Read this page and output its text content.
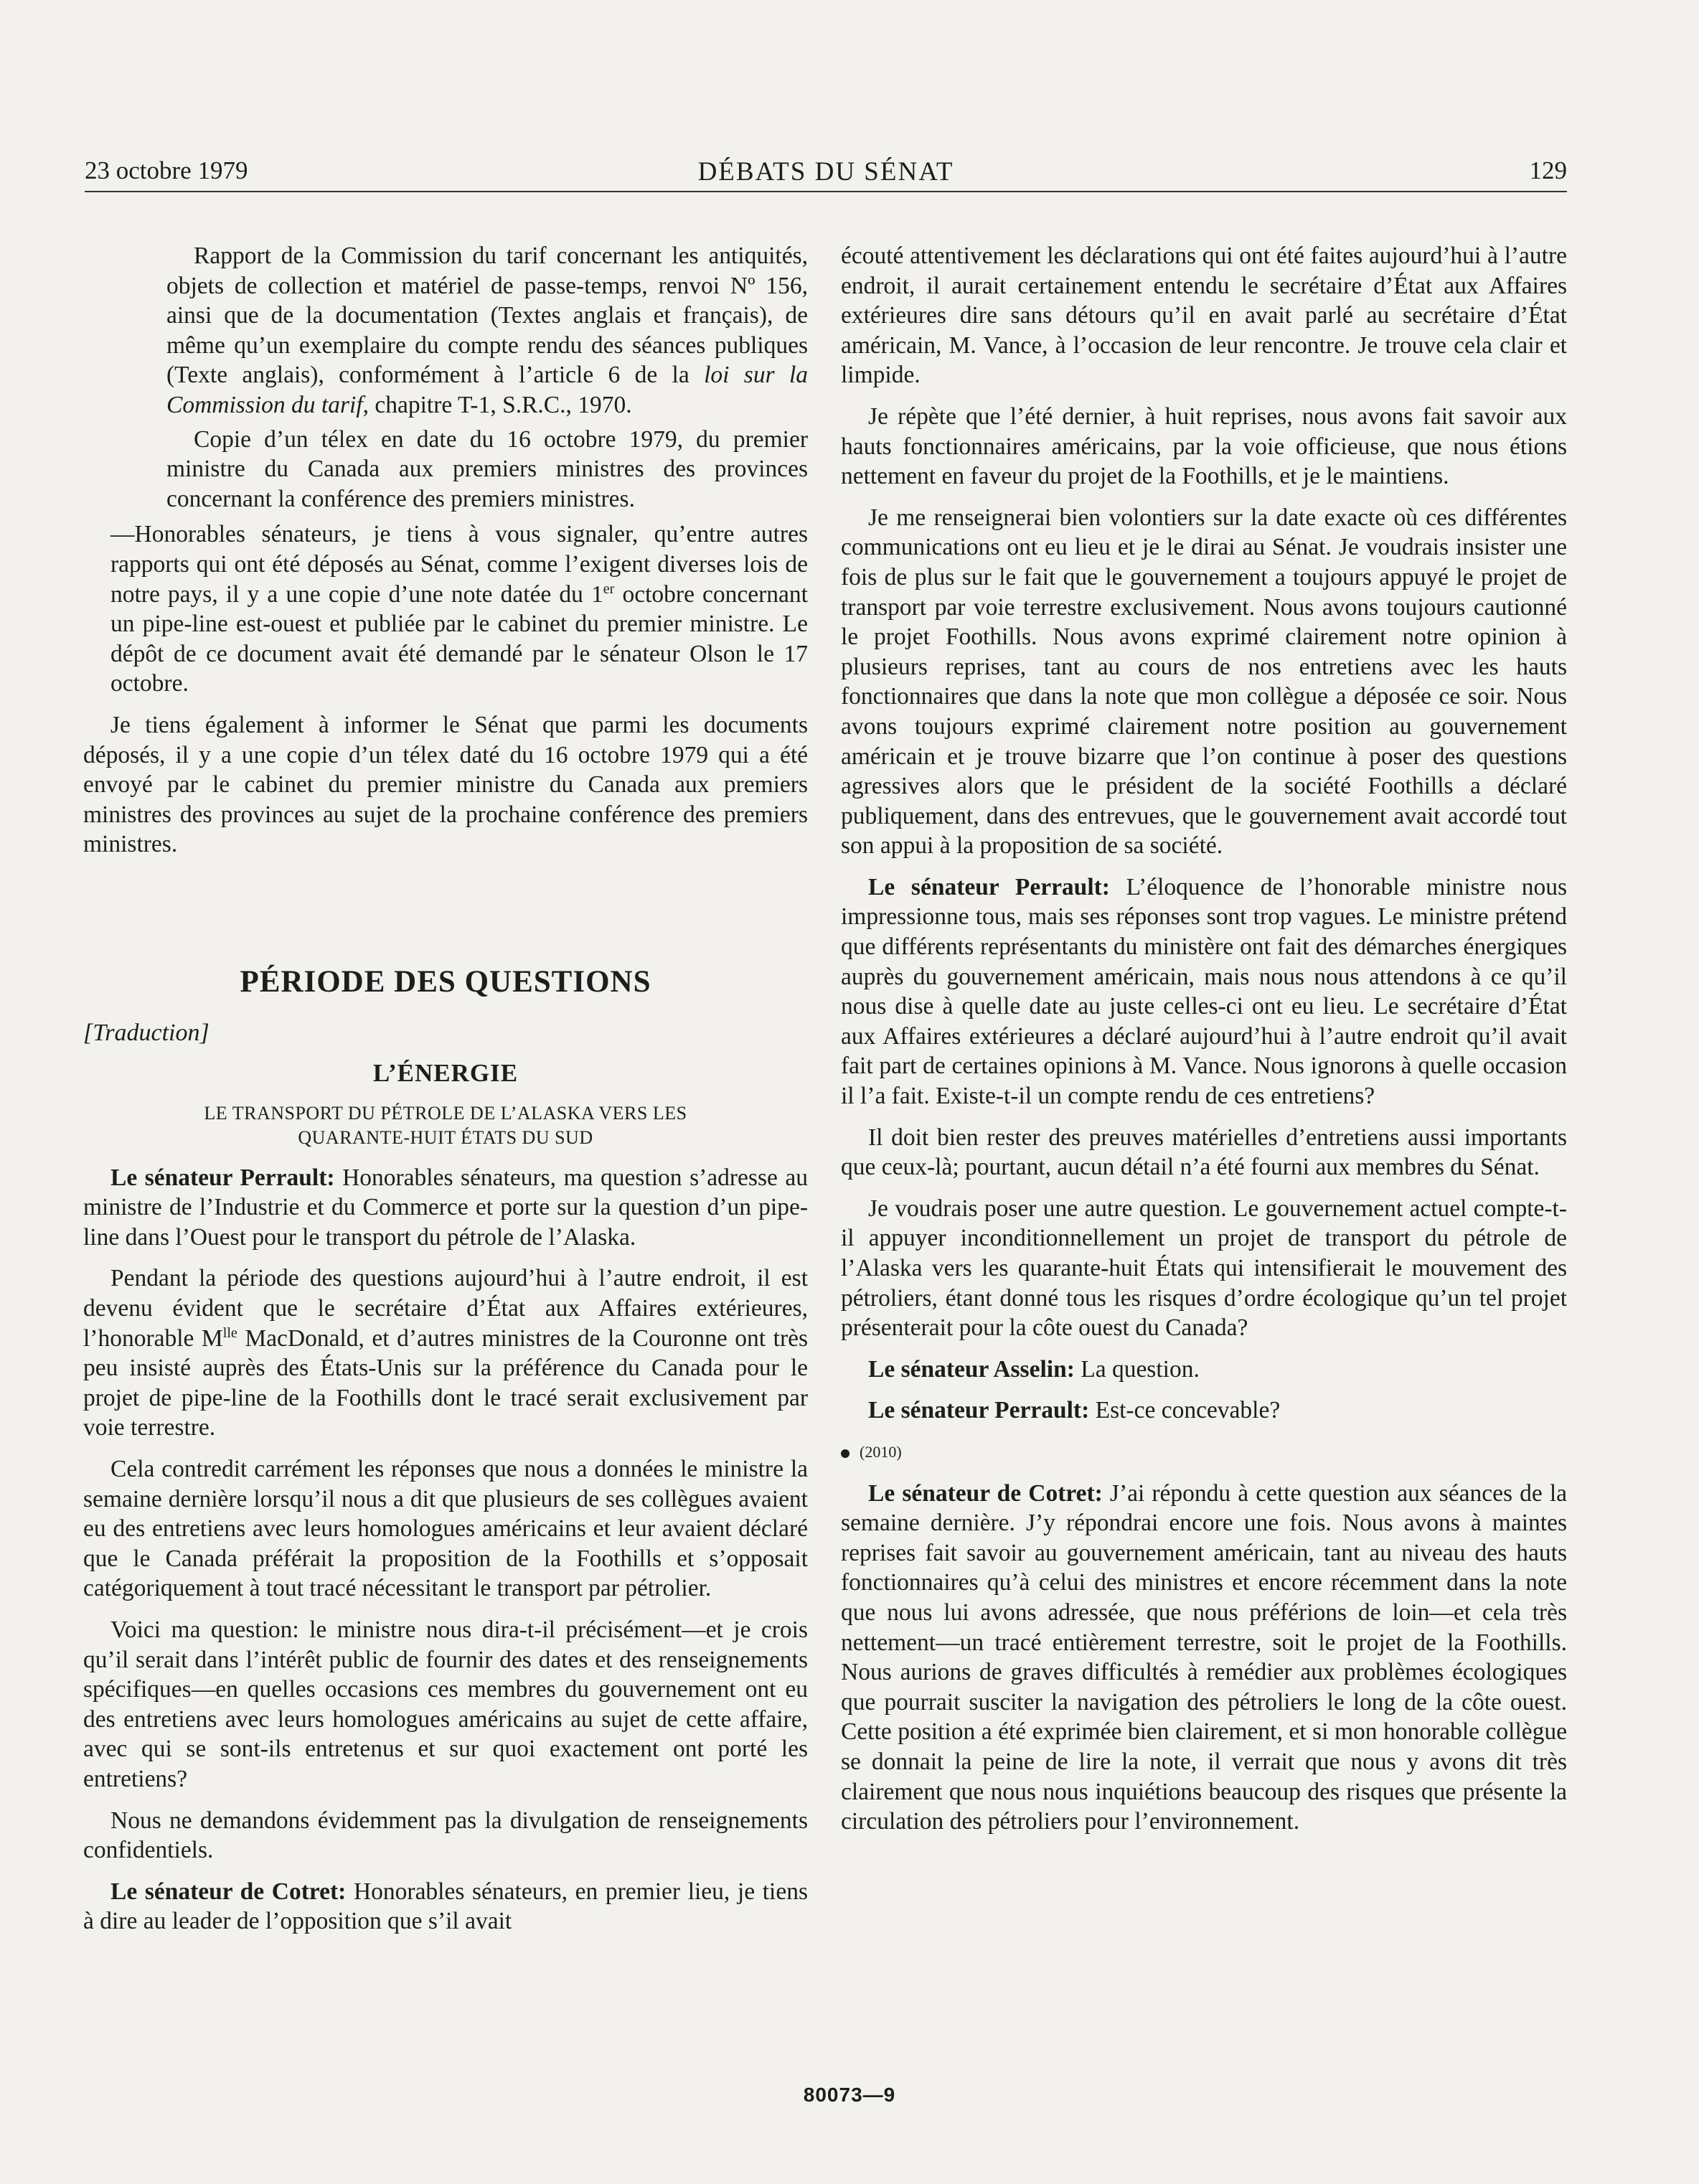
23 octobre 1979	DÉBATS DU SÉNAT	129

Rapport de la Commission du tarif concernant les antiquités, objets de collection et matériel de passe-temps, renvoi Nº 156, ainsi que de la documentation (Textes anglais et français), de même qu’un exemplaire du compte rendu des séances publiques (Texte anglais), conformément à l’article 6 de la loi sur la Commission du tarif, chapitre T-1, S.R.C., 1970.

Copie d’un télex en date du 16 octobre 1979, du premier ministre du Canada aux premiers ministres des provinces concernant la conférence des premiers ministres.

—Honorables sénateurs, je tiens à vous signaler, qu’entre autres rapports qui ont été déposés au Sénat, comme l’exigent diverses lois de notre pays, il y a une copie d’une note datée du 1er octobre concernant un pipe-line est-ouest et publiée par le cabinet du premier ministre. Le dépôt de ce document avait été demandé par le sénateur Olson le 17 octobre.

Je tiens également à informer le Sénat que parmi les documents déposés, il y a une copie d’un télex daté du 16 octobre 1979 qui a été envoyé par le cabinet du premier ministre du Canada aux premiers ministres des provinces au sujet de la prochaine conférence des premiers ministres.

PÉRIODE DES QUESTIONS
[Traduction]
L’ÉNERGIE
LE TRANSPORT DU PÉTROLE DE L’ALASKA VERS LES QUARANTE-HUIT ÉTATS DU SUD

Le sénateur Perrault: Honorables sénateurs, ma question s’adresse au ministre de l’Industrie et du Commerce et porte sur la question d’un pipe-line dans l’Ouest pour le transport du pétrole de l’Alaska.

Pendant la période des questions aujourd’hui à l’autre endroit, il est devenu évident que le secrétaire d’État aux Affaires extérieures, l’honorable $M^{lle}$ MacDonald, et d’autres ministres de la Couronne ont très peu insisté auprès des États-Unis sur la préférence du Canada pour le projet de pipe-line de la Foothills dont le tracé serait exclusivement par voie terrestre.

Cela contredit carrément les réponses que nous a données le ministre la semaine dernière lorsqu’il nous a dit que plusieurs de ses collègues avaient eu des entretiens avec leurs homologues américains et leur avaient déclaré que le Canada préférait la proposition de la Foothills et s’opposait catégoriquement à tout tracé nécessitant le transport par pétrolier.

Voici ma question: le ministre nous dira-t-il précisément—et je crois qu’il serait dans l’intérêt public de fournir des dates et des renseignements spécifiques—en quelles occasions ces membres du gouvernement ont eu des entretiens avec leurs homologues américains au sujet de cette affaire, avec qui se sont-ils entretenus et sur quoi exactement ont porté les entretiens?

Nous ne demandons évidemment pas la divulgation de renseignements confidentiels.

Le sénateur de Cotret: Honorables sénateurs, en premier lieu, je tiens à dire au leader de l’opposition que s’il avait

écouté attentivement les déclarations qui ont été faites aujourd’hui à l’autre endroit, il aurait certainement entendu le secrétaire d’État aux Affaires extérieures dire sans détours qu’il en avait parlé au secrétaire d’État américain, M. Vance, à l’occasion de leur rencontre. Je trouve cela clair et limpide.

Je répète que l’été dernier, à huit reprises, nous avons fait savoir aux hauts fonctionnaires américains, par la voie officieuse, que nous étions nettement en faveur du projet de la Foothills, et je le maintiens.

Je me renseignerai bien volontiers sur la date exacte où ces différentes communications ont eu lieu et je le dirai au Sénat. Je voudrais insister une fois de plus sur le fait que le gouvernement a toujours appuyé le projet de transport par voie terrestre exclusivement. Nous avons toujours cautionné le projet Foothills. Nous avons exprimé clairement notre opinion à plusieurs reprises, tant au cours de nos entretiens avec les hauts fonctionnaires que dans la note que mon collègue a déposée ce soir. Nous avons toujours exprimé clairement notre position au gouvernement américain et je trouve bizarre que l’on continue à poser des questions agressives alors que le président de la société Foothills a déclaré publiquement, dans des entrevues, que le gouvernement avait accordé tout son appui à la proposition de sa société.

Le sénateur Perrault: L’éloquence de l’honorable ministre nous impressionne tous, mais ses réponses sont trop vagues. Le ministre prétend que différents représentants du ministère ont fait des démarches énergiques auprès du gouvernement américain, mais nous nous attendons à ce qu’il nous dise à quelle date au juste celles-ci ont eu lieu. Le secrétaire d’État aux Affaires extérieures a déclaré aujourd’hui à l’autre endroit qu’il avait fait part de certaines opinions à M. Vance. Nous ignorons à quelle occasion il l’a fait. Existe-t-il un compte rendu de ces entretiens?

Il doit bien rester des preuves matérielles d’entretiens aussi importants que ceux-là; pourtant, aucun détail n’a été fourni aux membres du Sénat.

Je voudrais poser une autre question. Le gouvernement actuel compte-t-il appuyer inconditionnellement un projet de transport du pétrole de l’Alaska vers les quarante-huit États qui intensifierait le mouvement des pétroliers, étant donné tous les risques d’ordre écologique qu’un tel projet présenterait pour la côte ouest du Canada?

Le sénateur Asselin: La question.

Le sénateur Perrault: Est-ce concevable?

(2010)

Le sénateur de Cotret: J’ai répondu à cette question aux séances de la semaine dernière. J’y répondrai encore une fois. Nous avons à maintes reprises fait savoir au gouvernement américain, tant au niveau des hauts fonctionnaires qu’à celui des ministres et encore récemment dans la note que nous lui avons adressée, que nous préférions de loin—et cela très nettement—un tracé entièrement terrestre, soit le projet de la Foothills. Nous aurions de graves difficultés à remédier aux problèmes écologiques que pourrait susciter la navigation des pétroliers le long de la côte ouest. Cette position a été exprimée bien clairement, et si mon honorable collègue se donnait la peine de lire la note, il verrait que nous y avons dit très clairement que nous nous inquiétions beaucoup des risques que présente la circulation des pétroliers pour l’environnement.

80073—9
